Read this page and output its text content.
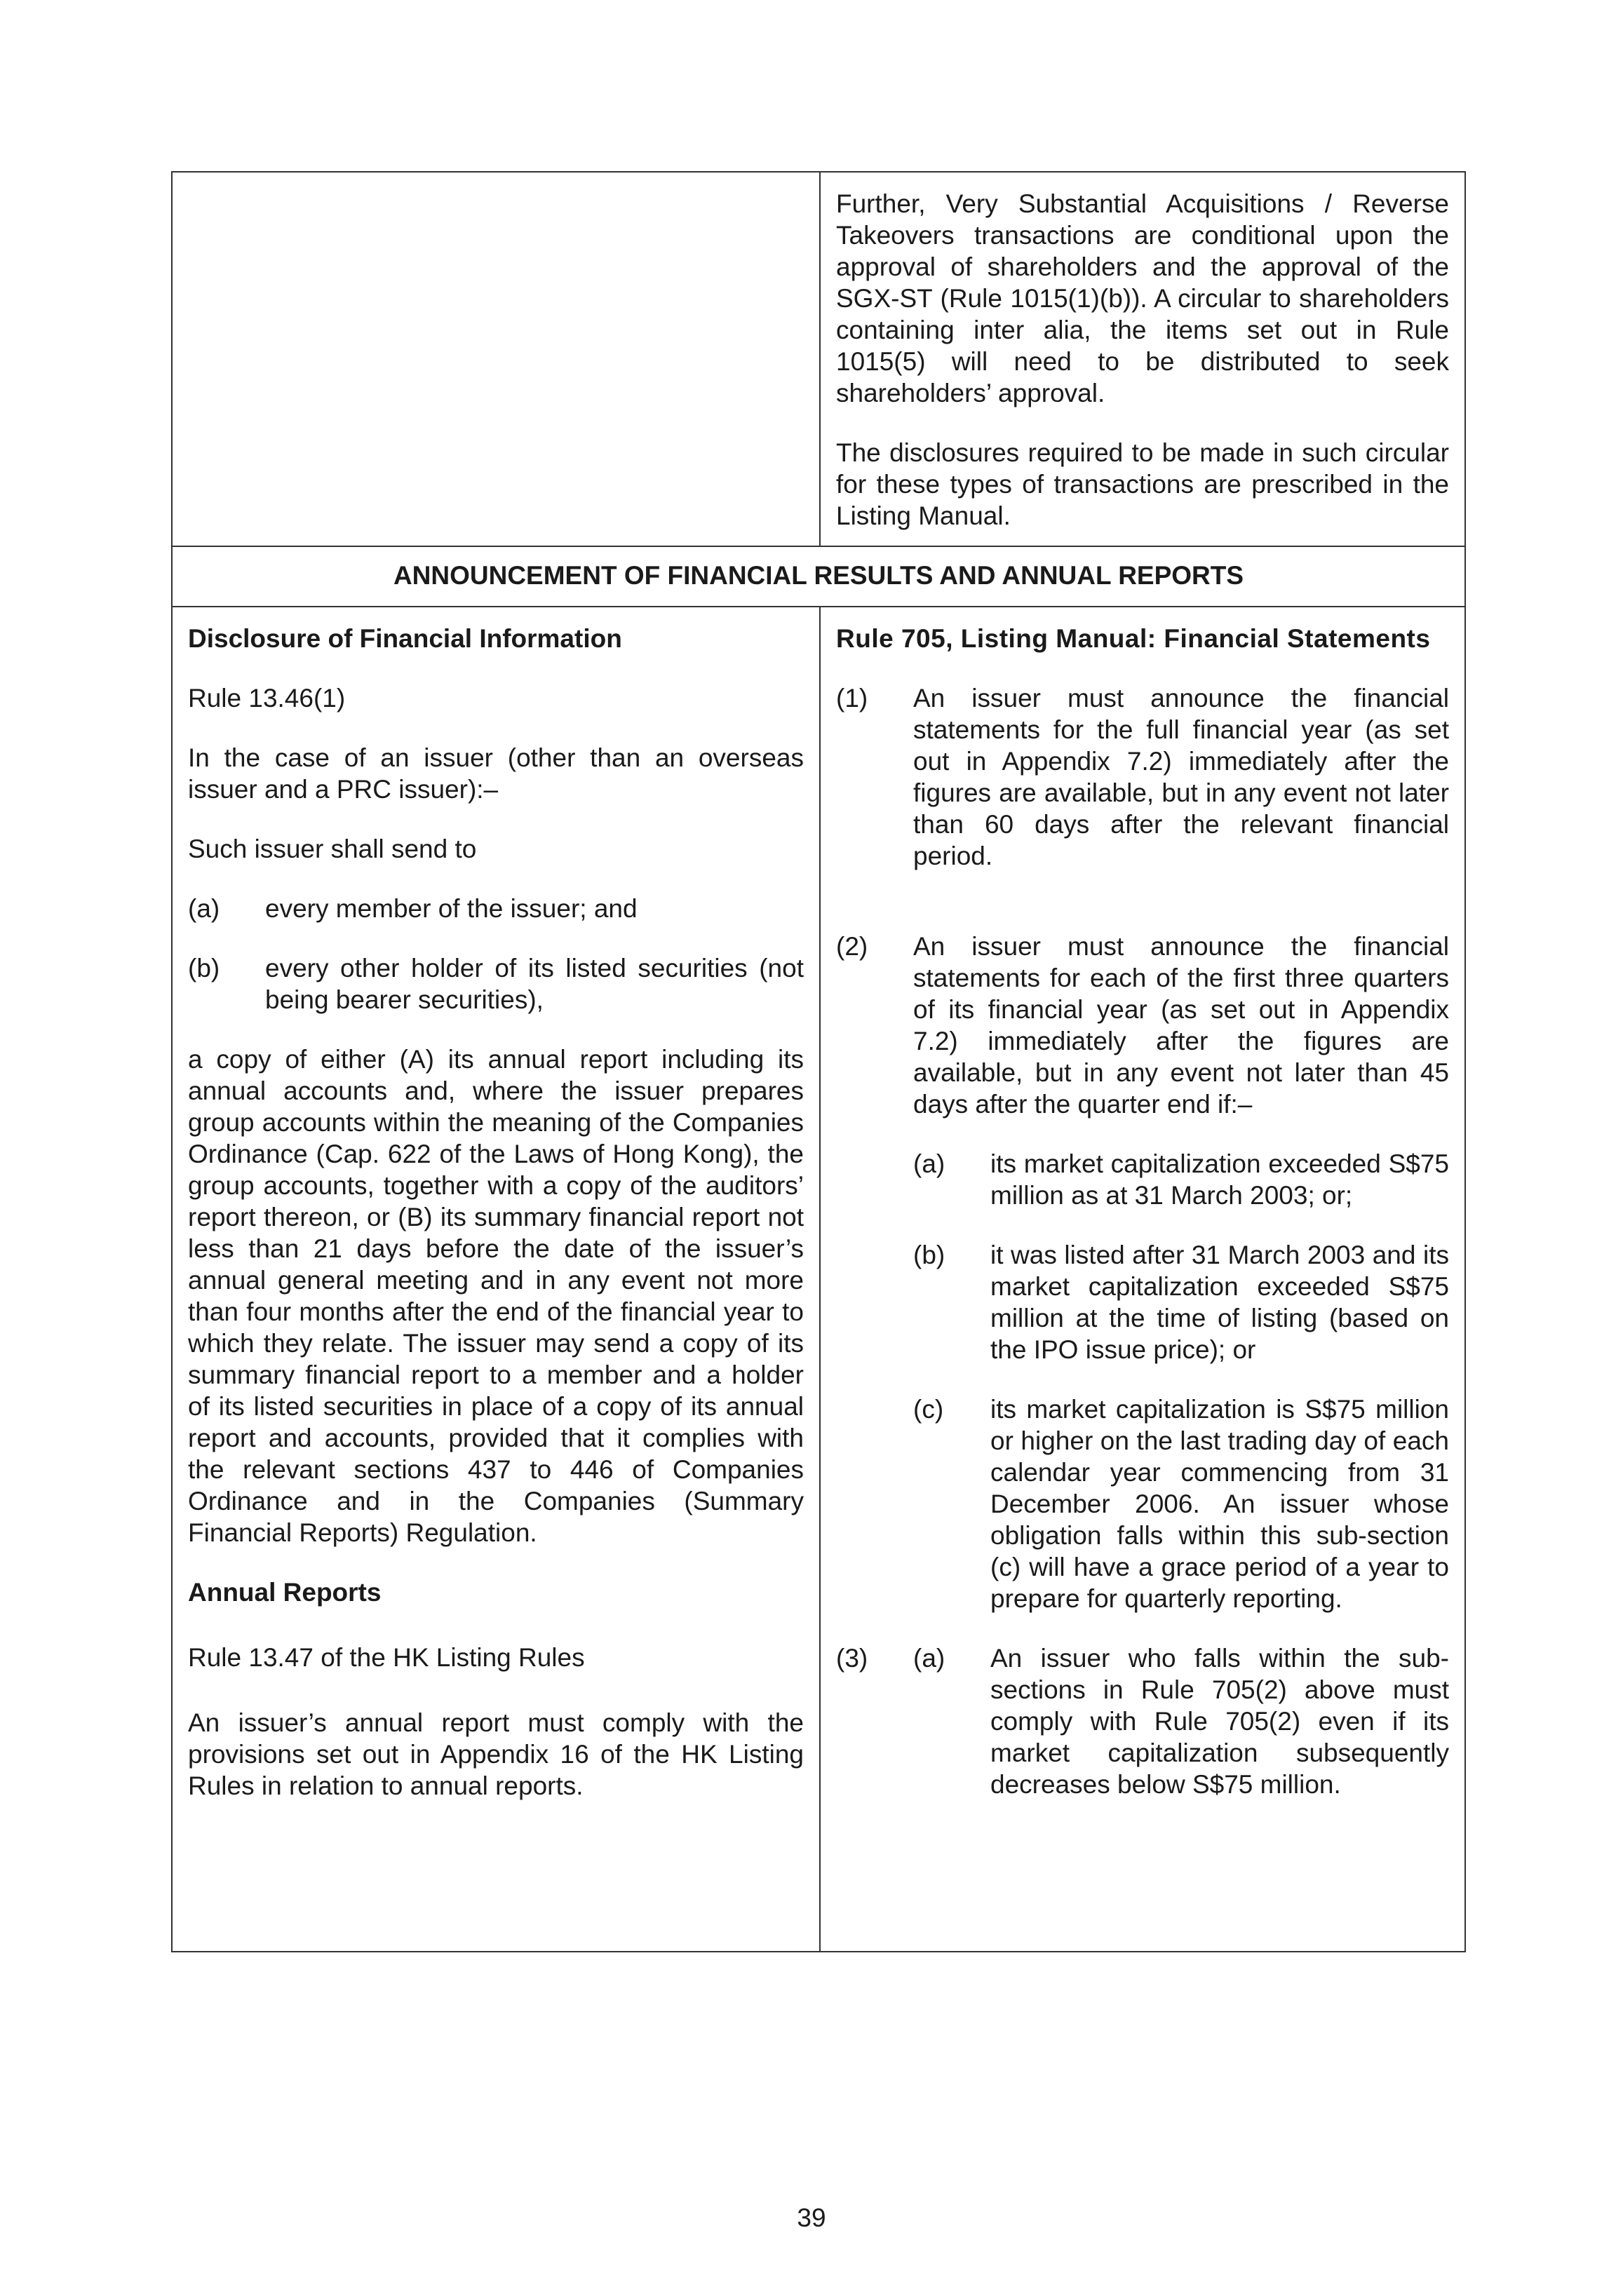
Further, Very Substantial Acquisitions / Reverse Takeovers transactions are conditional upon the approval of shareholders and the approval of the SGX-ST (Rule 1015(1)(b)). A circular to shareholders containing inter alia, the items set out in Rule 1015(5) will need to be distributed to seek shareholders’ approval.

The disclosures required to be made in such circular for these types of transactions are prescribed in the Listing Manual.

ANNOUNCEMENT OF FINANCIAL RESULTS AND ANNUAL REPORTS

Disclosure of Financial Information

Rule 13.46(1)

In the case of an issuer (other than an overseas issuer and a PRC issuer):–

Such issuer shall send to

(a)	every member of the issuer; and
(b)	every other holder of its listed securities (not being bearer securities),

a copy of either (A) its annual report including its annual accounts and, where the issuer prepares group accounts within the meaning of the Companies Ordinance (Cap. 622 of the Laws of Hong Kong), the group accounts, together with a copy of the auditors’ report thereon, or (B) its summary financial report not less than 21 days before the date of the issuer’s annual general meeting and in any event not more than four months after the end of the financial year to which they relate. The issuer may send a copy of its summary financial report to a member and a holder of its listed securities in place of a copy of its annual report and accounts, provided that it complies with the relevant sections 437 to 446 of Companies Ordinance and in the Companies (Summary Financial Reports) Regulation.

Annual Reports

Rule 13.47 of the HK Listing Rules

An issuer’s annual report must comply with the provisions set out in Appendix 16 of the HK Listing Rules in relation to annual reports.

Rule 705, Listing Manual: Financial Statements

(1)	An issuer must announce the financial statements for the full financial year (as set out in Appendix 7.2) immediately after the figures are available, but in any event not later than 60 days after the relevant financial period.
(2)	An issuer must announce the financial statements for each of the first three quarters of its financial year (as set out in Appendix 7.2) immediately after the figures are available, but in any event not later than 45 days after the quarter end if:–
(a)	its market capitalization exceeded S$75 million as at 31 March 2003; or;
(b)	it was listed after 31 March 2003 and its market capitalization exceeded S$75 million at the time of listing (based on the IPO issue price); or
(c)	its market capitalization is S$75 million or higher on the last trading day of each calendar year commencing from 31 December 2006. An issuer whose obligation falls within this sub-section (c) will have a grace period of a year to prepare for quarterly reporting.
(3)	(a)	An issuer who falls within the sub-sections in Rule 705(2) above must comply with Rule 705(2) even if its market capitalization subsequently decreases below S$75 million.
39
